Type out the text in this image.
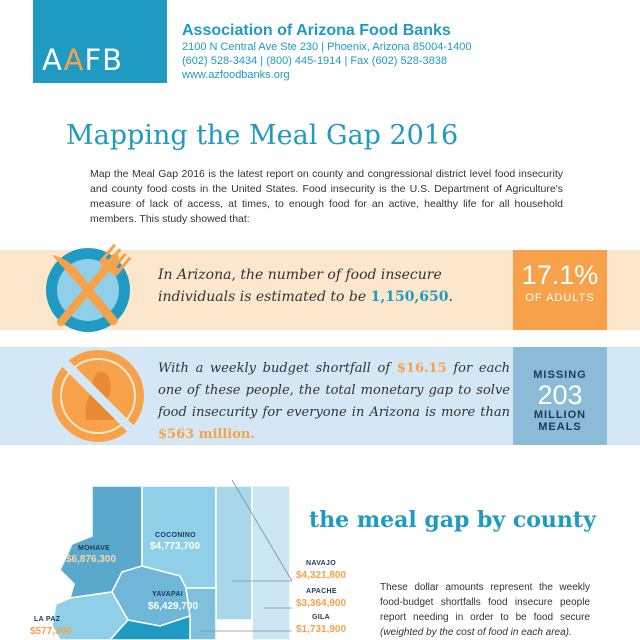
AAFB
Association of Arizona Food Banks
2100 N Central Ave Ste 230 | Phoenix, Arizona 85004-1400
(602) 528-3434 | (800) 445-1914 | Fax (602) 528-3838
www.azfoodbanks.org
Mapping the Meal Gap 2016
Map the Meal Gap 2016 is the latest report on county and congressional district level food insecurity and county food costs in the United States. Food insecurity is the U.S. Department of Agriculture's measure of lack of access, at times, to enough food for an active, healthy life for all household members. This study showed that:
In Arizona, the number of food insecure individuals is estimated to be 1,150,650.
17.1%
OF ADULTS
With a weekly budget shortfall of $16.15 for each one of these people, the total monetary gap to solve food insecurity for everyone in Arizona is more than $563 million.
MISSING
203
MILLION
MEALS
MOHAVE
$6,876,300
COCONINO
$4,773,700
YAVAPAI
$6,429,700
LA PAZ
$577,300
NAVAJO
$4,321,800
APACHE
$3,364,900
GILA
$1,731,900
the meal gap by county
These dollar amounts represent the weekly food-budget shortfalls food insecure people report needing in order to be food secure (weighted by the cost of food in each area).
